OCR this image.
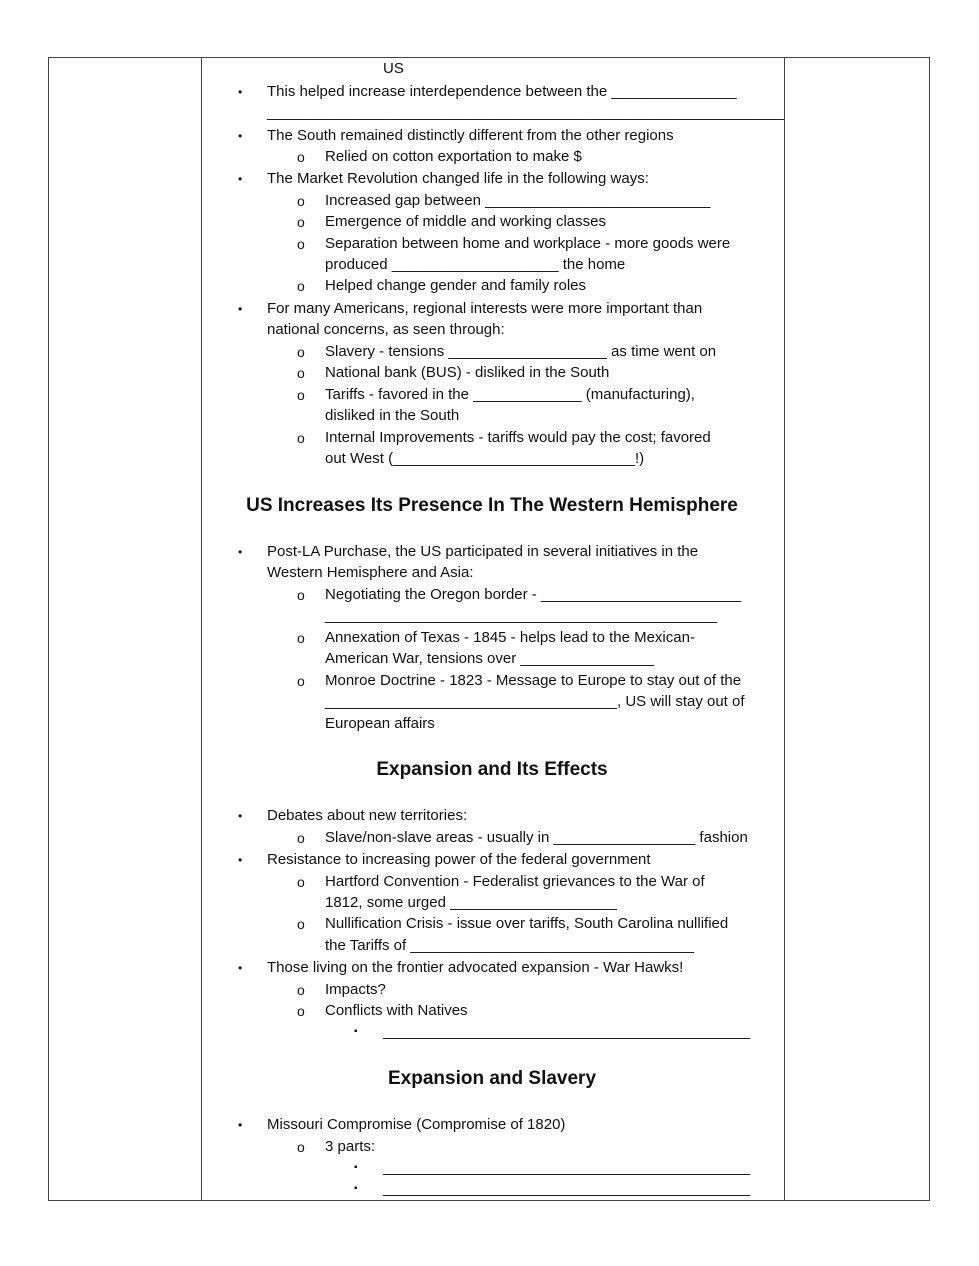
US
• This helped increase interdependence between the _______________
______________________________________________________________
• The South remained distinctly different from the other regions
o Relied on cotton exportation to make $
• The Market Revolution changed life in the following ways:
o Increased gap between ___________________________
o Emergence of middle and working classes
o Separation between home and workplace - more goods were
produced ____________________ the home
o Helped change gender and family roles
• For many Americans, regional interests were more important than
national concerns, as seen through:
o Slavery - tensions ___________________ as time went on
o National bank (BUS) - disliked in the South
o Tariffs - favored in the _____________ (manufacturing),
disliked in the South
o Internal Improvements - tariffs would pay the cost; favored
out West (_____________________________!)
US Increases Its Presence In The Western Hemisphere
• Post-LA Purchase, the US participated in several initiatives in the
Western Hemisphere and Asia:
o Negotiating the Oregon border - ________________________
_______________________________________________
o Annexation of Texas - 1845 - helps lead to the Mexican-
American War, tensions over ________________
o Monroe Doctrine - 1823 - Message to Europe to stay out of the
___________________________________, US will stay out of
European affairs
Expansion and Its Effects
• Debates about new territories:
o Slave/non-slave areas - usually in _________________ fashion
• Resistance to increasing power of the federal government
o Hartford Convention - Federalist grievances to the War of
1812, some urged ____________________
o Nullification Crisis - issue over tariffs, South Carolina nullified
the Tariffs of __________________________________
• Those living on the frontier advocated expansion - War Hawks!
o Impacts?
o Conflicts with Natives
▪ ____________________________________________
Expansion and Slavery
• Missouri Compromise (Compromise of 1820)
o 3 parts:
▪ ____________________________________________
▪ ____________________________________________
